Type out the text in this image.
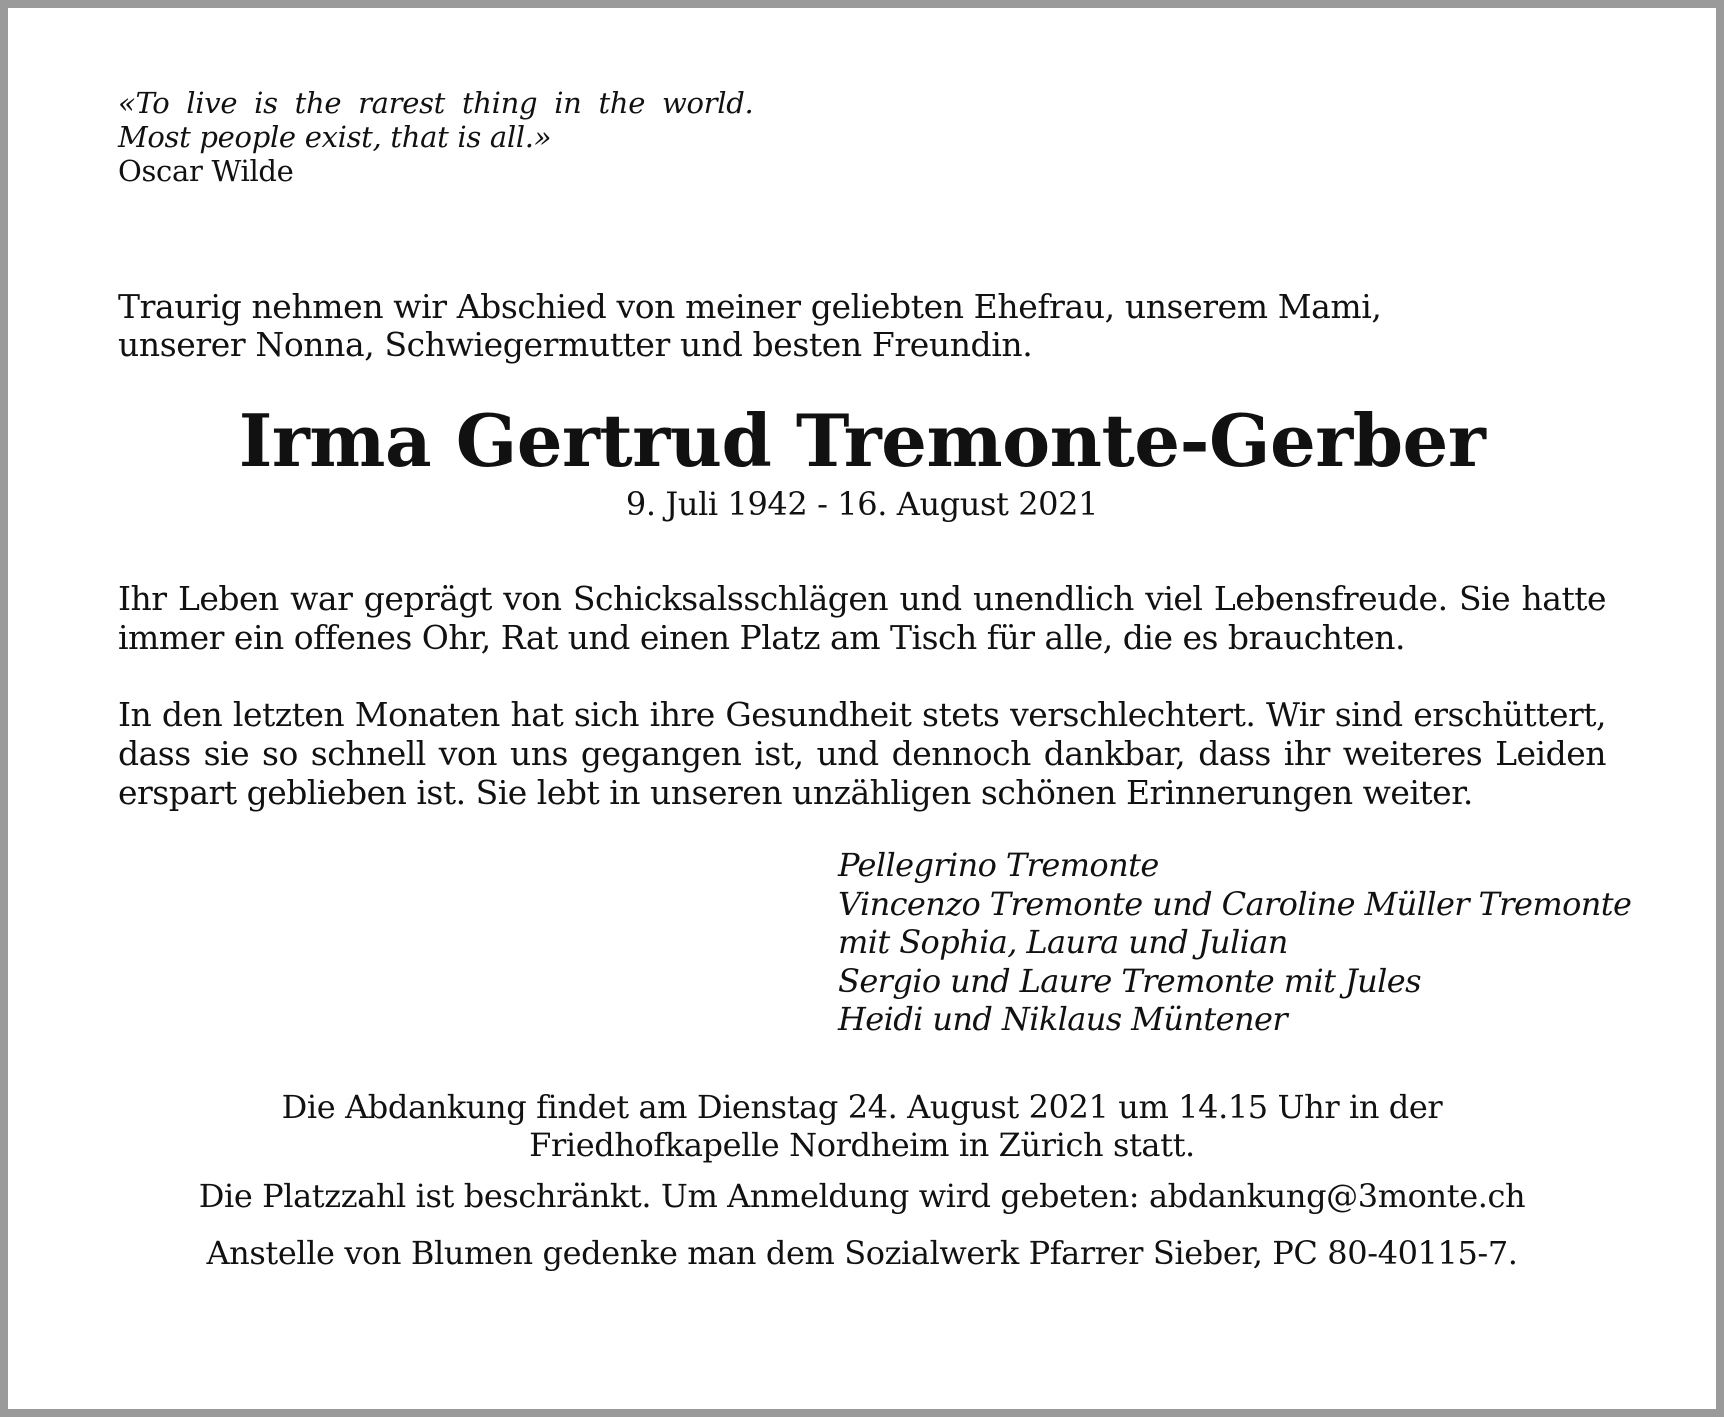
«To live is the rarest thing in the world.
Most people exist, that is all.»
Oscar Wilde

Traurig nehmen wir Abschied von meiner geliebten Ehefrau, unserem Mami,
unserer Nonna, Schwiegermutter und besten Freundin.

Irma Gertrud Tremonte-Gerber

9. Juli 1942 - 16. August 2021

Ihr Leben war geprägt von Schicksalsschlägen und unendlich viel Lebensfreude. Sie hatte immer ein offenes Ohr, Rat und einen Platz am Tisch für alle, die es brauchten.

In den letzten Monaten hat sich ihre Gesundheit stets verschlechtert. Wir sind erschüttert, dass sie so schnell von uns gegangen ist, und dennoch dankbar, dass ihr weiteres Leiden erspart geblieben ist. Sie lebt in unseren unzähligen schönen Erinnerungen weiter.

Pellegrino Tremonte
Vincenzo Tremonte und Caroline Müller Tremonte
mit Sophia, Laura und Julian
Sergio und Laure Tremonte mit Jules
Heidi und Niklaus Müntener

Die Abdankung findet am Dienstag 24. August 2021 um 14.15 Uhr in der
Friedhofkapelle Nordheim in Zürich statt.

Die Platzzahl ist beschränkt. Um Anmeldung wird gebeten: abdankung@3monte.ch

Anstelle von Blumen gedenke man dem Sozialwerk Pfarrer Sieber, PC 80-40115-7.
